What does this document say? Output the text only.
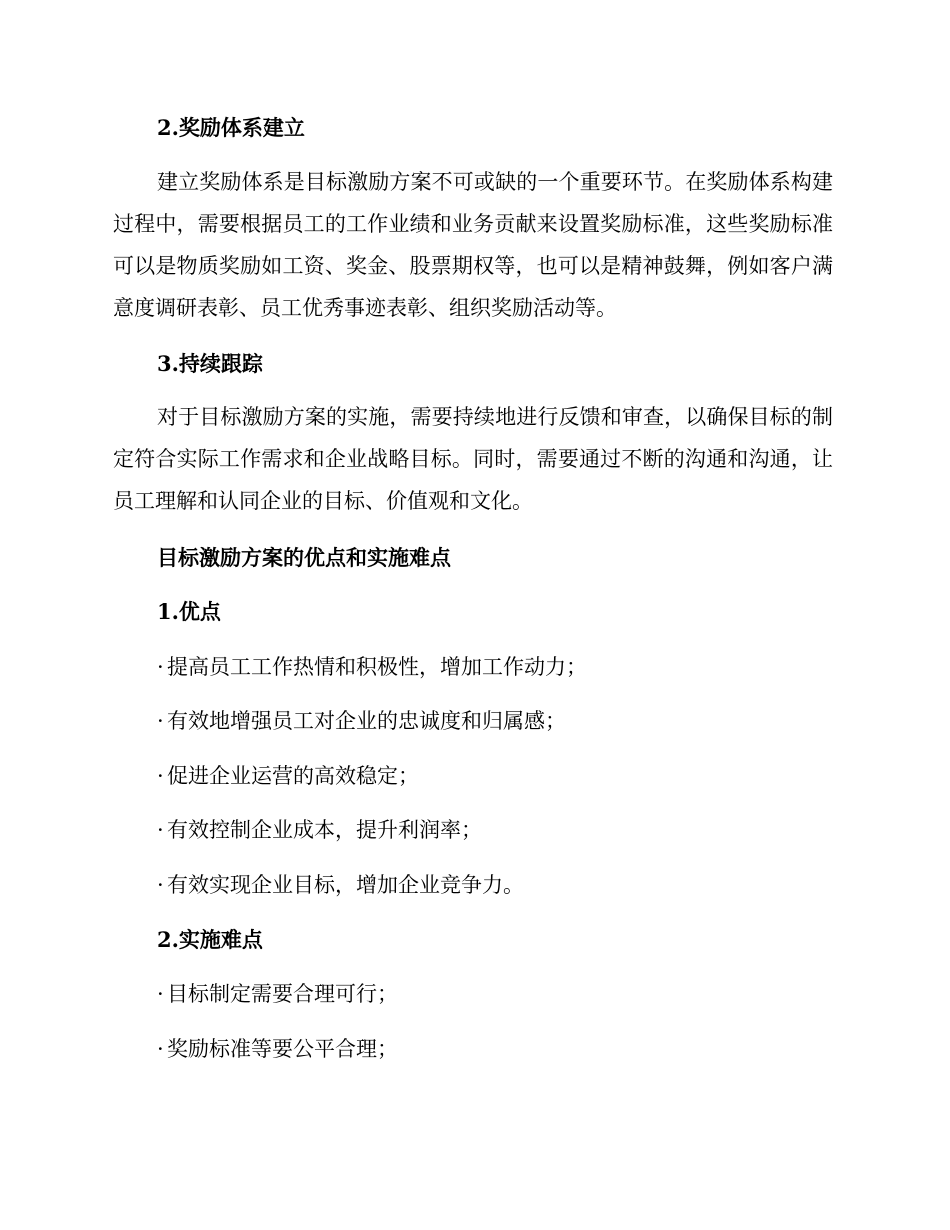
2.奖励体系建立

建立奖励体系是目标激励方案不可或缺的一个重要环节。在奖励体系构建过程中，需要根据员工的工作业绩和业务贡献来设置奖励标准，这些奖励标准可以是物质奖励如工资、奖金、股票期权等，也可以是精神鼓舞，例如客户满意度调研表彰、员工优秀事迹表彰、组织奖励活动等。

3.持续跟踪

对于目标激励方案的实施，需要持续地进行反馈和审查，以确保目标的制定符合实际工作需求和企业战略目标。同时，需要通过不断的沟通和沟通，让员工理解和认同企业的目标、价值观和文化。

目标激励方案的优点和实施难点
1.优点
· 提高员工工作热情和积极性，增加工作动力；
· 有效地增强员工对企业的忠诚度和归属感；
· 促进企业运营的高效稳定；
· 有效控制企业成本，提升利润率；
· 有效实现企业目标，增加企业竞争力。
2.实施难点
· 目标制定需要合理可行；
· 奖励标准等要公平合理；
